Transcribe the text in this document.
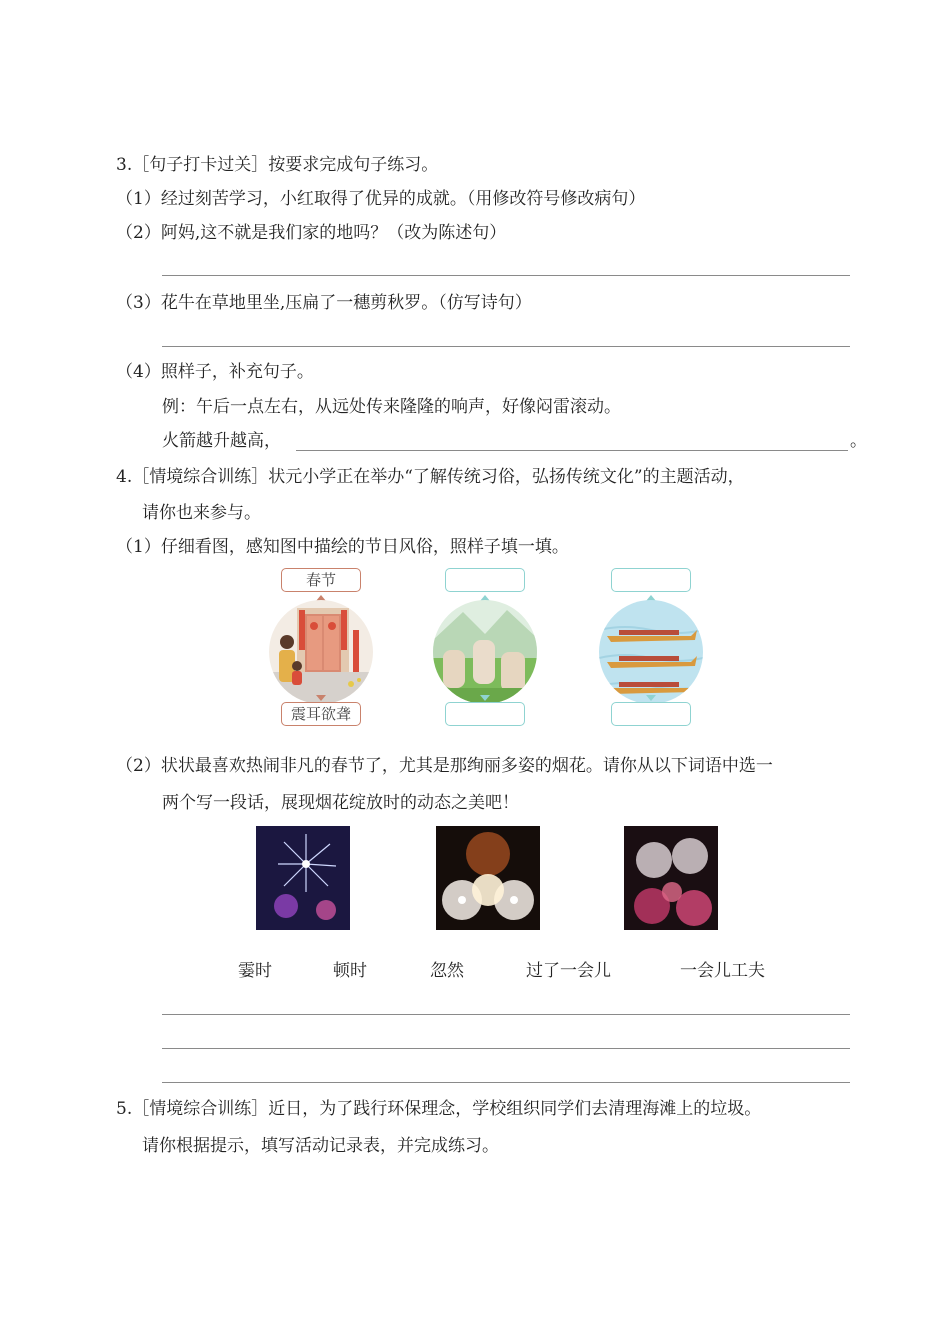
3.［句子打卡过关］按要求完成句子练习。
（1）经过刻苦学习，小红取得了优异的成就。（用修改符号修改病句）
（2）阿妈,这不就是我们家的地吗？（改为陈述句）
（3）花牛在草地里坐,压扁了一穗剪秋罗。（仿写诗句）
（4）照样子，补充句子。
例：午后一点左右，从远处传来隆隆的响声，好像闷雷滚动。
火箭越升越高，	。
4.［情境综合训练］状元小学正在举办“了解传统习俗，弘扬传统文化”的主题活动，
请你也来参与。
（1）仔细看图，感知图中描绘的节日风俗，照样子填一填。
春节
震耳欲聋
（2）状状最喜欢热闹非凡的春节了，尤其是那绚丽多姿的烟花。请你从以下词语中选一
两个写一段话，展现烟花绽放时的动态之美吧！
霎时	顿时	忽然	过了一会儿	一会儿工夫
5.［情境综合训练］近日，为了践行环保理念，学校组织同学们去清理海滩上的垃圾。
请你根据提示，填写活动记录表，并完成练习。
